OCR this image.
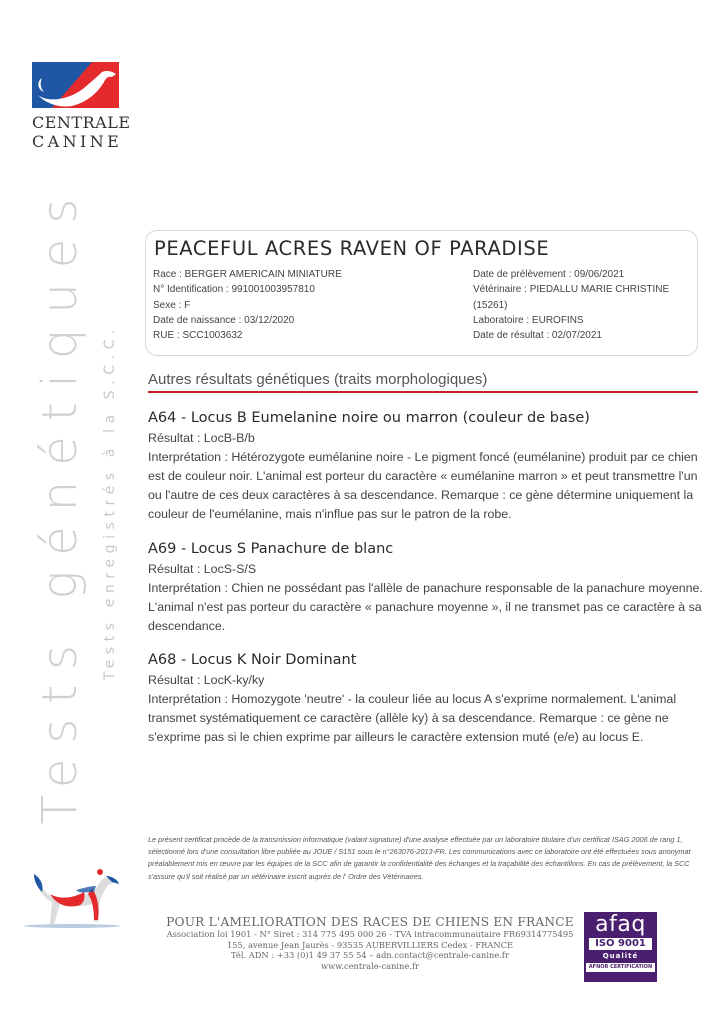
CENTRALE
CANINE
Tests génétiques Tests enregistrés à la S.C.C.
PEACEFUL ACRES RAVEN OF PARADISE
Race : BERGER AMERICAIN MINIATURE
N° Identification : 991001003957810
Sexe : F
Date de naissance : 03/12/2020
RUE : SCC1003632
Date de prélèvement : 09/06/2021
Vétérinaire : PIEDALLU MARIE CHRISTINE (15261)
Laboratoire : EUROFINS
Date de résultat : 02/07/2021
Autres résultats génétiques (traits morphologiques)
A64 - Locus B Eumelanine noire ou marron (couleur de base)
Résultat : LocB-B/b
Interprétation : Hétérozygote eumélanine noire - Le pigment foncé (eumélanine) produit par ce chien est de couleur noir. L'animal est porteur du caractère « eumélanine marron » et peut transmettre l'un ou l'autre de ces deux caractères à sa descendance. Remarque : ce gène détermine uniquement la couleur de l'eumélanine, mais n'influe pas sur le patron de la robe.
A69 - Locus S Panachure de blanc
Résultat : LocS-S/S
Interprétation : Chien ne possédant pas l'allèle de panachure responsable de la panachure moyenne. L'animal n'est pas porteur du caractère « panachure moyenne », il ne transmet pas ce caractère à sa descendance.
A68 - Locus K Noir Dominant
Résultat : LocK-ky/ky
Interprétation : Homozygote 'neutre' - la couleur liée au locus A s'exprime normalement. L'animal transmet systématiquement ce caractère (allèle ky) à sa descendance. Remarque : ce gène ne s'exprime pas si le chien exprime par ailleurs le caractère extension muté (e/e) au locus E.
Le présent certificat procède de la transmission informatique (valant signature) d'une analyse effectuée par un laboratoire titulaire d'un certificat ISAG 2006 de rang 1, sélectionné lors d'une consultation libre publiée au JOUE / S151 sous le n°263076-2013-FR. Les communications avec ce laboratoire ont été effectuées sous anonymat préalablement mis en œuvre par les équipes de la SCC afin de garantir la confidentialité des échanges et la traçabilité des échantillons. En cas de prélèvement, la SCC s'assure qu'il soit réalisé par un vétérinaire inscrit auprès de l' Ordre des Vétérinaires.
POUR L'AMELIORATION DES RACES DE CHIENS EN FRANCE
Association loi 1901 - N° Siret : 314 775 495 000 26 - TVA intracommunautaire FR69314775495
155, avenue Jean Jaurès - 93535 AUBERVILLIERS Cedex - FRANCE
Tél. ADN : +33 (0)1 49 37 55 54 – adn.contact@centrale-canine.fr
www.centrale-canine.fr
afaq
ISO 9001
Qualité
AFNOR CERTIFICATION
